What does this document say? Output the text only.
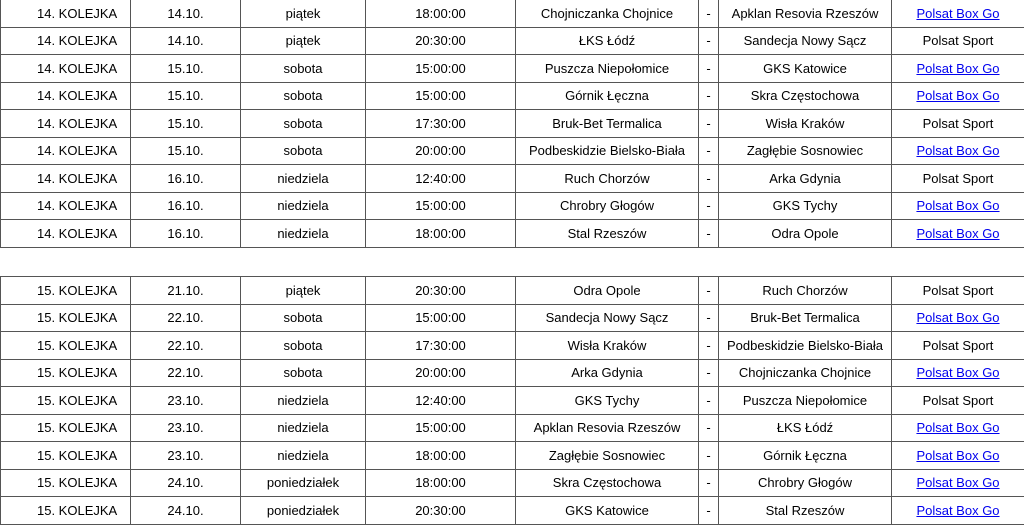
14. KOLEJKA	14.10.	piątek	18:00:00	Chojniczanka Chojnice	-	Apklan Resovia Rzeszów	Polsat Box Go
14. KOLEJKA	14.10.	piątek	20:30:00	ŁKS Łódź	-	Sandecja Nowy Sącz	Polsat Sport
14. KOLEJKA	15.10.	sobota	15:00:00	Puszcza Niepołomice	-	GKS Katowice	Polsat Box Go
14. KOLEJKA	15.10.	sobota	15:00:00	Górnik Łęczna	-	Skra Częstochowa	Polsat Box Go
14. KOLEJKA	15.10.	sobota	17:30:00	Bruk-Bet Termalica	-	Wisła Kraków	Polsat Sport
14. KOLEJKA	15.10.	sobota	20:00:00	Podbeskidzie Bielsko-Biała	-	Zagłębie Sosnowiec	Polsat Box Go
14. KOLEJKA	16.10.	niedziela	12:40:00	Ruch Chorzów	-	Arka Gdynia	Polsat Sport
14. KOLEJKA	16.10.	niedziela	15:00:00	Chrobry Głogów	-	GKS Tychy	Polsat Box Go
14. KOLEJKA	16.10.	niedziela	18:00:00	Stal Rzeszów	-	Odra Opole	Polsat Box Go
15. KOLEJKA	21.10.	piątek	20:30:00	Odra Opole	-	Ruch Chorzów	Polsat Sport
15. KOLEJKA	22.10.	sobota	15:00:00	Sandecja Nowy Sącz	-	Bruk-Bet Termalica	Polsat Box Go
15. KOLEJKA	22.10.	sobota	17:30:00	Wisła Kraków	-	Podbeskidzie Bielsko-Biała	Polsat Sport
15. KOLEJKA	22.10.	sobota	20:00:00	Arka Gdynia	-	Chojniczanka Chojnice	Polsat Box Go
15. KOLEJKA	23.10.	niedziela	12:40:00	GKS Tychy	-	Puszcza Niepołomice	Polsat Sport
15. KOLEJKA	23.10.	niedziela	15:00:00	Apklan Resovia Rzeszów	-	ŁKS Łódź	Polsat Box Go
15. KOLEJKA	23.10.	niedziela	18:00:00	Zagłębie Sosnowiec	-	Górnik Łęczna	Polsat Box Go
15. KOLEJKA	24.10.	poniedziałek	18:00:00	Skra Częstochowa	-	Chrobry Głogów	Polsat Box Go
15. KOLEJKA	24.10.	poniedziałek	20:30:00	GKS Katowice	-	Stal Rzeszów	Polsat Box Go
